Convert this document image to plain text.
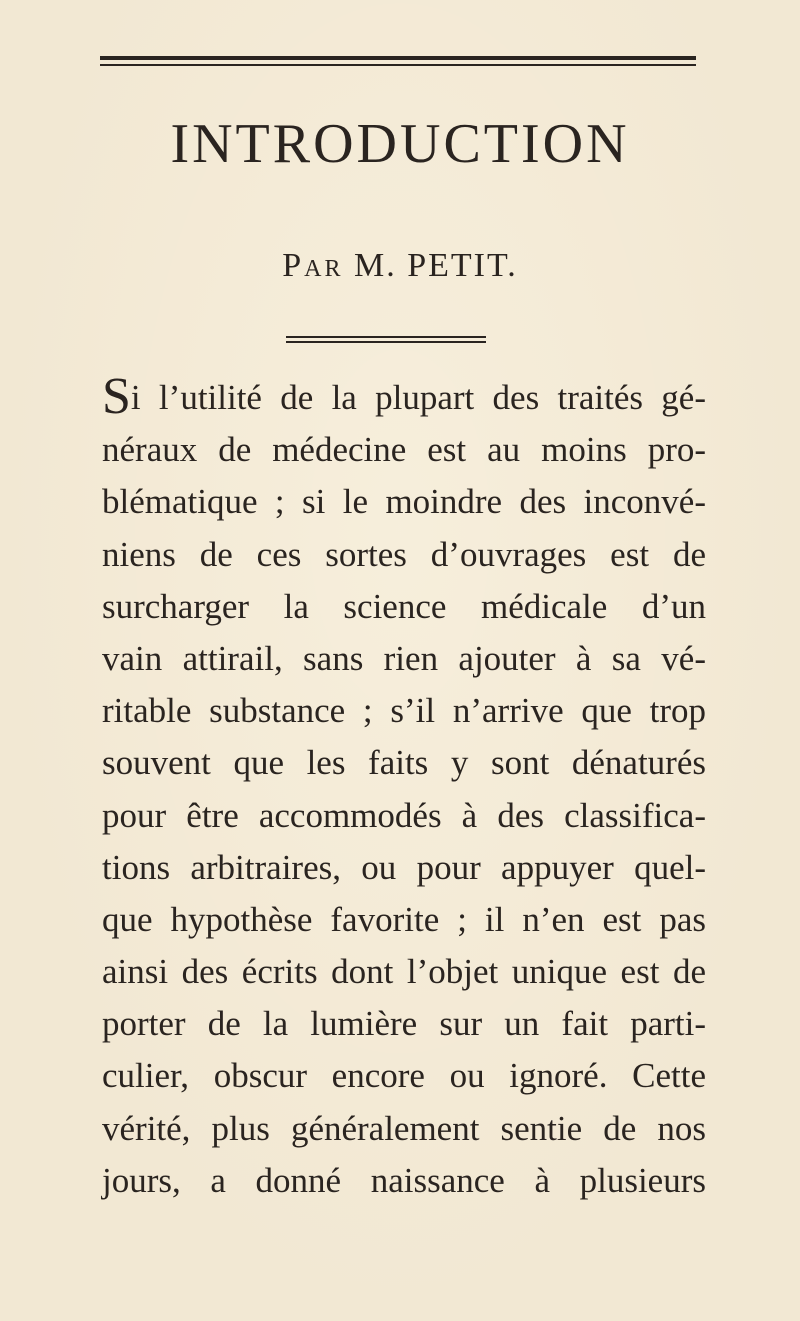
INTRODUCTION
Par M. PETIT.
Si l’utilité de la plupart des traités gé-
néraux de médecine est au moins pro-
blématique ; si le moindre des inconvé-
niens de ces sortes d’ouvrages est de
surcharger la science médicale d’un
vain attirail, sans rien ajouter à sa vé-
ritable substance ; s’il n’arrive que trop
souvent que les faits y sont dénaturés
pour être accommodés à des classifica-
tions arbitraires, ou pour appuyer quel-
que hypothèse favorite ; il n’en est pas
ainsi des écrits dont l’objet unique est de
porter de la lumière sur un fait parti-
culier, obscur encore ou ignoré. Cette
vérité, plus généralement sentie de nos
jours, a donné naissance à plusieurs
